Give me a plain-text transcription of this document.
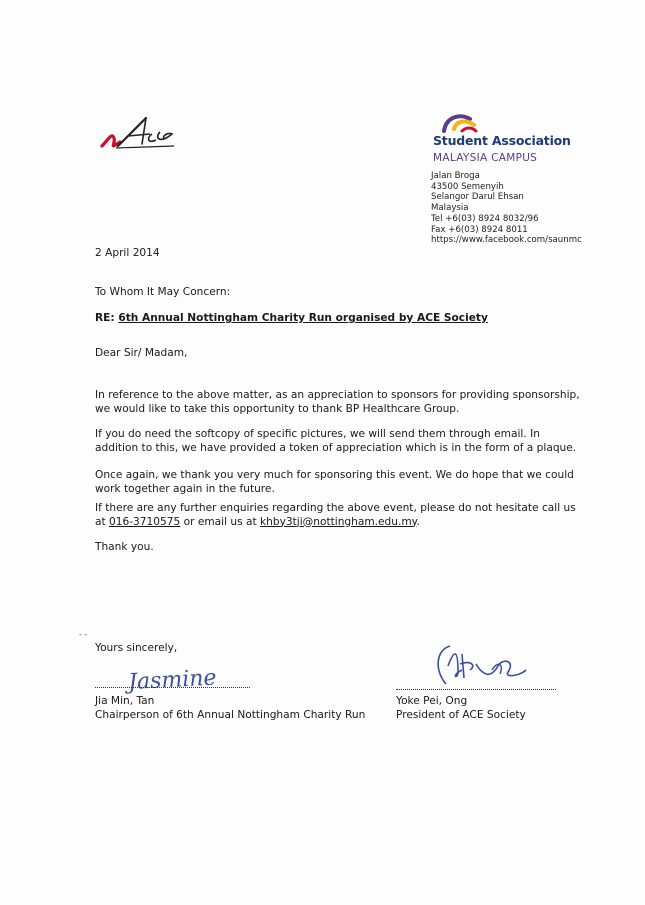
ACE
Student Association
MALAYSIA CAMPUS
Jalan Broga
43500 Semenyih
Selangor Darul Ehsan
Malaysia
Tel +6(03) 8924 8032/96
Fax +6(03) 8924 8011
https://www.facebook.com/saunmc
2 April 2014
To Whom It May Concern:
RE: 6th Annual Nottingham Charity Run organised by ACE Society
Dear Sir/ Madam,
In reference to the above matter, as an appreciation to sponsors for providing sponsorship,
we would like to take this opportunity to thank BP Healthcare Group.
If you do need the softcopy of specific pictures, we will send them through email. In
addition to this, we have provided a token of appreciation which is in the form of a plaque.
Once again, we thank you very much for sponsoring this event. We do hope that we could
work together again in the future.
If there are any further enquiries regarding the above event, please do not hesitate call us
at 016-3710575 or email us at khby3tji@nottingham.edu.my.
Thank you.
- -
Yours sincerely,
Jasmine
Jia Min, Tan
Chairperson of 6th Annual Nottingham Charity Run
Yoke Pei, Ong
President of ACE Society
